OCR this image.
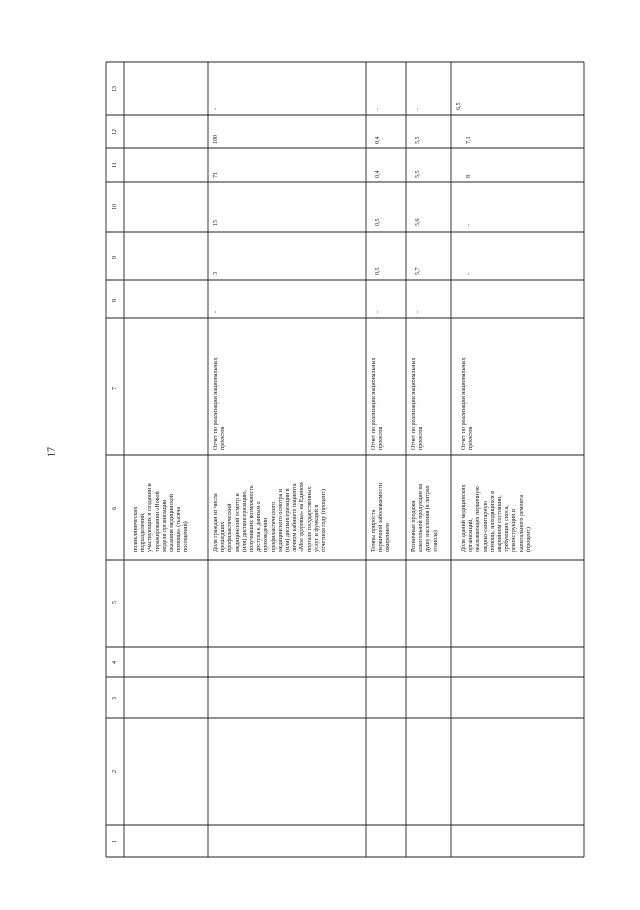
17
13
12
11
10
9
8
7
6
5
4
3
2
1
поликлинических
подразделений,
участвующих в создании и
тиражировании «Новой
модели организации
оказания медицинской
помощи» (тысяча
посещений)	Доля граждан из числа
прошедших
профилактический
медицинский осмотр и
(или) диспансеризацию,
получивших возможность
доступа к данным о
прохождении
профилактического
медицинского осмотра и
(или) диспансеризации в
личном кабинете пациента
«Мое здоровье» на Едином
портале государственных
услуг и функций в
отчетном году (процент)
Отчет по реализации национальных
проектов
-
3
15
71
100
-
Темпы прироста
первичной заболеваемости
ожирением
Отчет по реализации национальных
проектов
-
0,5
0,5
0,4
0,4
-
Розничные продажи
алкогольной продукции на
душу населения (в литрах
этанола)
Отчет по реализации национальных
проектов
-
5,7
5,6
5,5
5,5
-
Доля зданий медицинских
организаций,
оказывающих первичную
медико-санитарную
помощь, находящихся в
аварийном состоянии,
требующих сноса,
реконструкции и
капитального ремонта
(процент)
Отчет по реализации национальных
проектов
-
-
8
7,1
6,5
